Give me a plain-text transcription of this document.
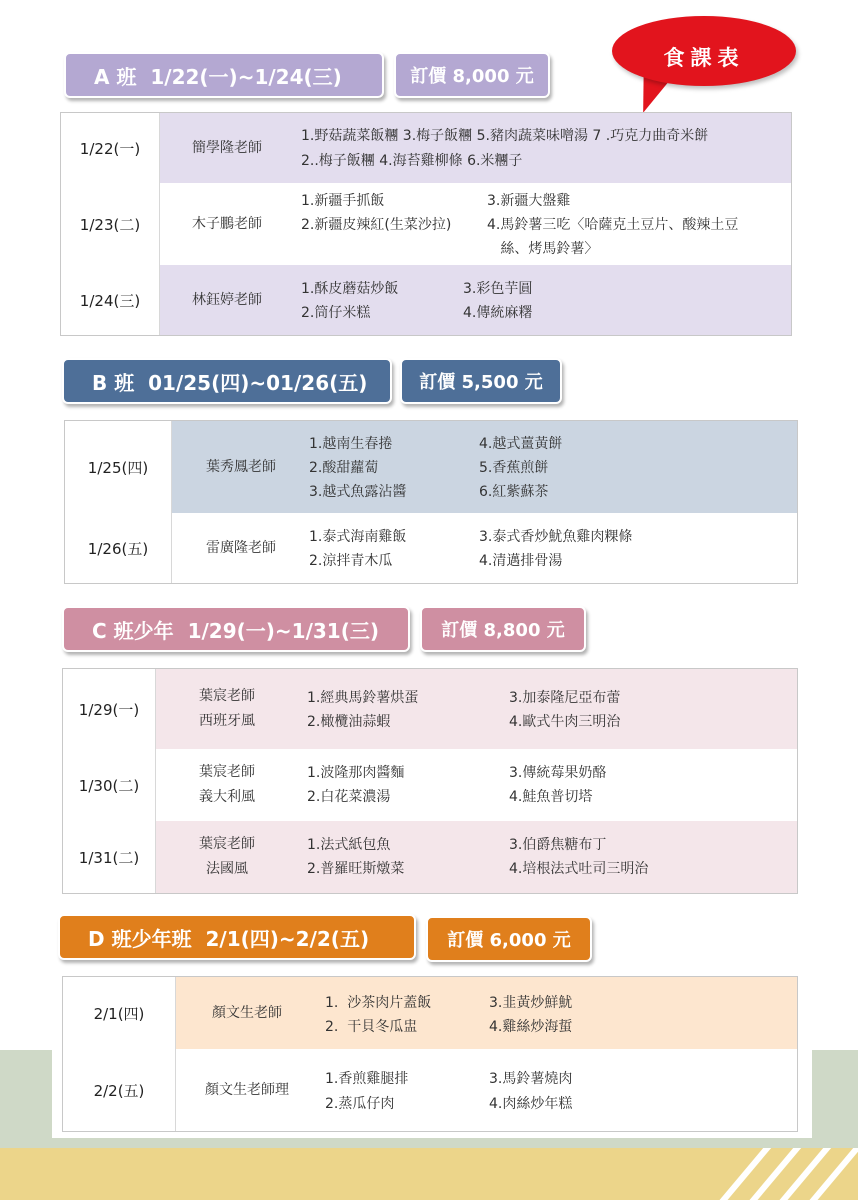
食課表
A 班  1/22(一)~1/24(三)	訂價 8,000 元
1/22(一)	簡學隆老師
1.野菇蔬菜飯糰 3.梅子飯糰 5.豬肉蔬菜味噌湯 7 .巧克力曲奇米餅
2..梅子飯糰 4.海苔雞柳條 6.米糰子
1/23(二)	木子鵬老師
1.新疆手抓飯
2.新疆皮辣紅(生菜沙拉)
3.新疆大盤雞
4.馬鈴薯三吃〈哈薩克土豆片、酸辣土豆
絲、烤馬鈴薯〉
1/24(三)	林鈺婷老師
1.酥皮蘑菇炒飯
2.筒仔米糕
3.彩色芋圓
4.傳統麻糬
B 班  01/25(四)~01/26(五)	訂價 5,500 元
1/25(四)	葉秀鳳老師
1.越南生春捲
2.酸甜蘿蔔
3.越式魚露沾醬
4.越式薑黃餅
5.香蕉煎餅
6.紅紫蘇茶
1/26(五)	雷廣隆老師
1.泰式海南雞飯
2.涼拌青木瓜
3.泰式香炒魷魚雞肉粿條
4.清邁排骨湯
C 班少年  1/29(一)~1/31(三)	訂價 8,800 元
1/29(一)
葉宸老師
西班牙風
1.經典馬鈴薯烘蛋
2.橄欖油蒜蝦
3.加泰隆尼亞布蕾
4.歐式牛肉三明治
1/30(二)
葉宸老師
義大利風
1.波隆那肉醬麵
2.白花菜濃湯
3.傳統莓果奶酪
4.鮭魚普切塔
1/31(二)
葉宸老師
法國風
1.法式紙包魚
2.普羅旺斯燉菜
3.伯爵焦糖布丁
4.培根法式吐司三明治
D 班少年班  2/1(四)~2/2(五)	訂價 6,000 元
2/1(四)	顏文生老師
1.  沙茶肉片蓋飯
2.  干貝冬瓜盅
3.韭黃炒鮮魷
4.雞絲炒海蜇
2/2(五)	顏文生老師理
1.香煎雞腿排
2.蒸瓜仔肉
3.馬鈴薯燒肉
4.肉絲炒年糕
